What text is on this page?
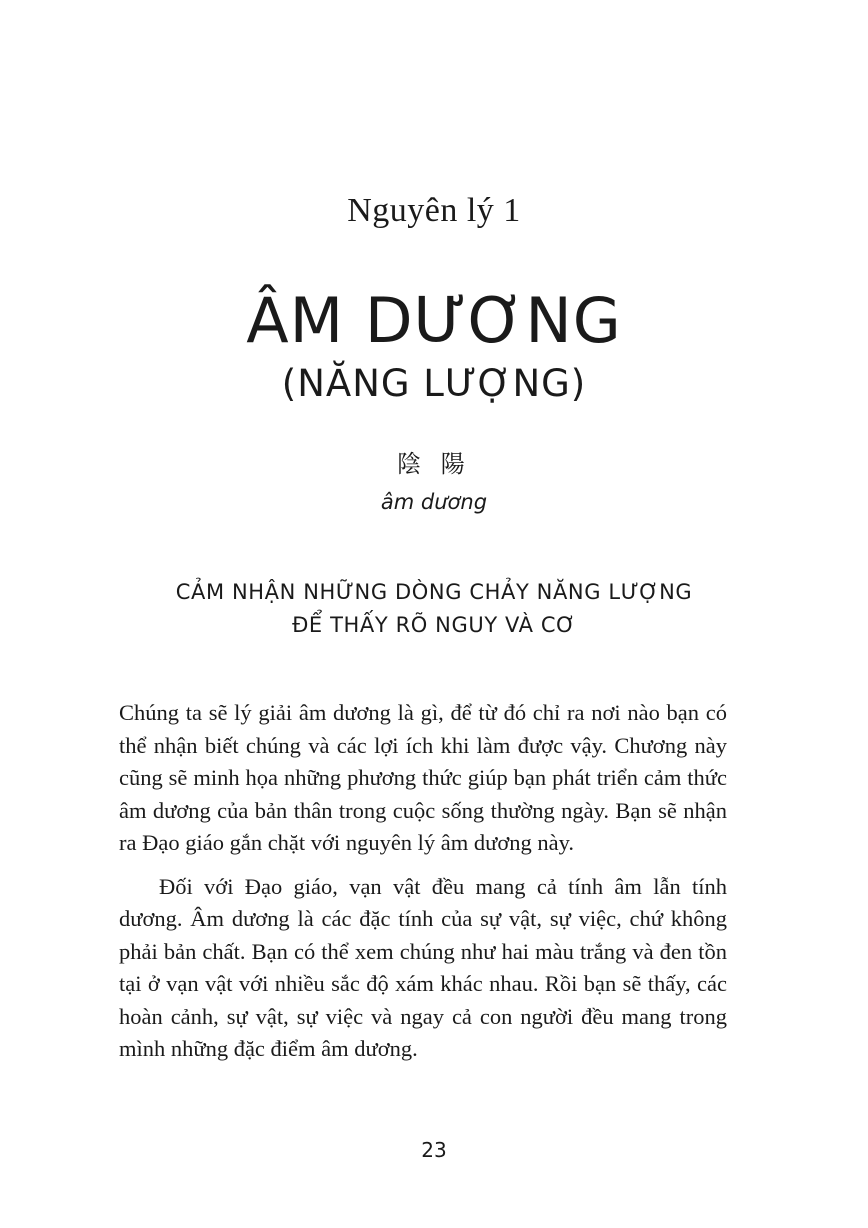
Nguyên lý 1
ÂM DƯƠNG
(NĂNG LƯỢNG)
陰 陽
âm dương
CẢM NHẬN NHỮNG DÒNG CHẢY NĂNG LƯỢNG
ĐỂ THẤY RÕ NGUY VÀ CƠ

Chúng ta sẽ lý giải âm dương là gì, để từ đó chỉ ra nơi nào bạn có thể nhận biết chúng và các lợi ích khi làm được vậy. Chương này cũng sẽ minh họa những phương thức giúp bạn phát triển cảm thức âm dương của bản thân trong cuộc sống thường ngày. Bạn sẽ nhận ra Đạo giáo gắn chặt với nguyên lý âm dương này.

Đối với Đạo giáo, vạn vật đều mang cả tính âm lẫn tính dương. Âm dương là các đặc tính của sự vật, sự việc, chứ không phải bản chất. Bạn có thể xem chúng như hai màu trắng và đen tồn tại ở vạn vật với nhiều sắc độ xám khác nhau. Rồi bạn sẽ thấy, các hoàn cảnh, sự vật, sự việc và ngay cả con người đều mang trong mình những đặc điểm âm dương.

23
